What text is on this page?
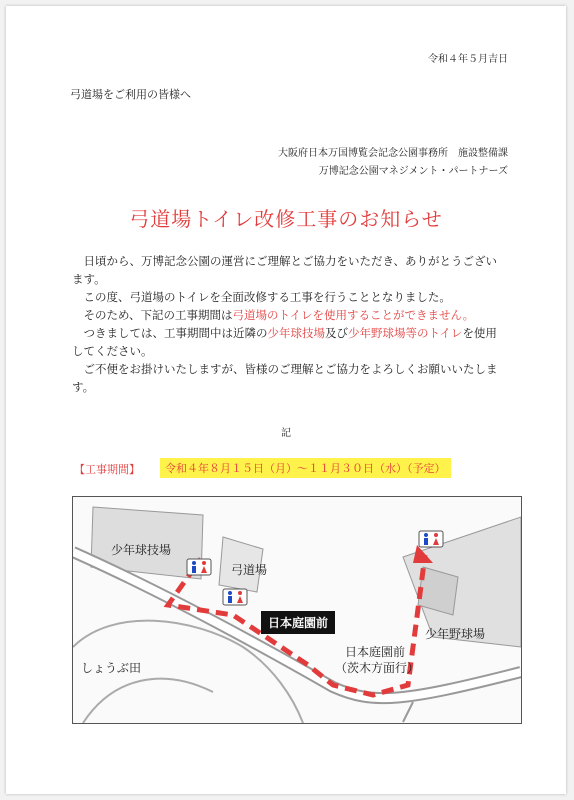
令和４年５月吉日
弓道場をご利用の皆様へ
大阪府日本万国博覧会記念公園事務所　施設整備課
万博記念公園マネジメント・パートナーズ
弓道場トイレ改修工事のお知らせ

日頃から、万博記念公園の運営にご理解とご協力をいただき、ありがとうございます。

この度、弓道場のトイレを全面改修する工事を行うこととなりました。

そのため、下記の工事期間は弓道場のトイレを使用することができません。

つきましては、工事期間中は近隣の少年球技場及び少年野球場等のトイレを使用してください。

ご不便をお掛けいたしますが、皆様のご理解とご協力をよろしくお願いいたします。

記
【工事期間】	令和４年８月１５日（月）～１１月３０日（水）（予定）
少年球技場
弓道場
日本庭園前
日本庭園前
（茨木方面行）
少年野球場
しょうぶ田
